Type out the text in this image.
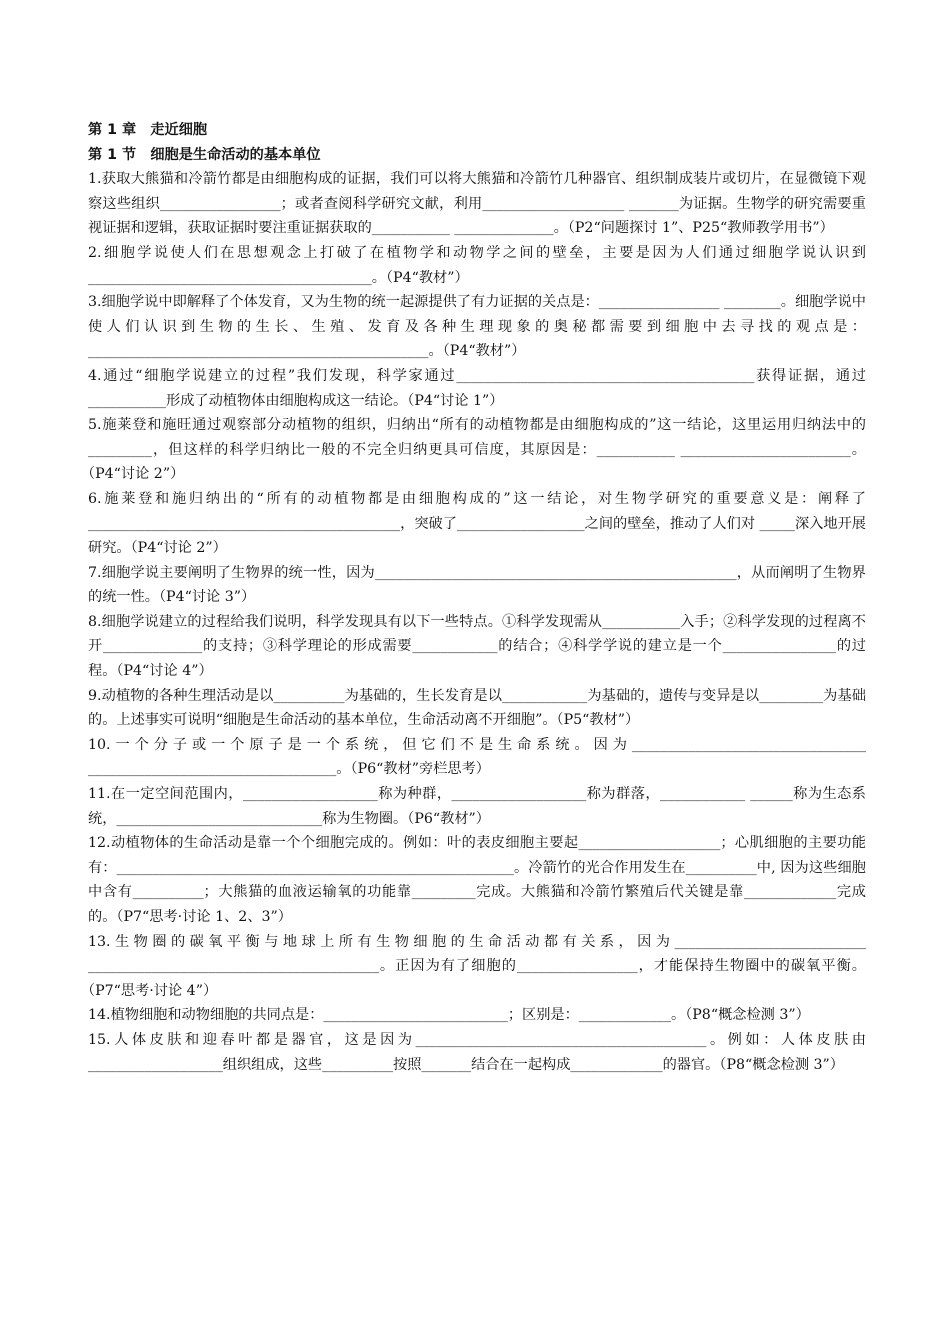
第 1 章　走近细胞
第 1 节　细胞是生命活动的基本单位

1.获取大熊猫和冷箭竹都是由细胞构成的证据，我们可以将大熊猫和冷箭竹几种器官、组织制成装片或切片，在显微镜下观察这些组织_________________；或者查阅科学研究文献，利用____________________ _______为证据。生物学的研究需要重视证据和逻辑，获取证据时要注重证据获取的___________ ______________。（P2“问题探讨 1”、P25“教师教学用书”）

2.细胞学说使人们在思想观念上打破了在植物学和动物学之间的壁垒，主要是因为人们通过细胞学说认识到________________________________________。（P4“教材”）

3.细胞学说中即解释了个体发育，又为生物的统一起源提供了有力证据的关点是：_________________ ________。细胞学说中使人们认识到生物的生长、生殖、发育及各种生理现象的奥秘都需要到细胞中去寻找的观点是：________________________________________________。（P4“教材”）

4.通过“细胞学说建立的过程”我们发现，科学家通过__________________________________________获得证据，通过___________形成了动植物体由细胞构成这一结论。（P4“讨论 1”）

5.施莱登和施旺通过观察部分动植物的组织，归纳出“所有的动植物都是由细胞构成的”这一结论，这里运用归纳法中的_________，但这样的科学归纳比一般的不完全归纳更具可信度，其原因是：___________ ________________________。（P4“讨论 2”）

6.施莱登和施归纳出的“所有的动植物都是由细胞构成的”这一结论，对生物学研究的重要意义是：阐释了____________________________________________，突破了__________________之间的壁垒，推动了人们对 _____深入地开展研究。（P4“讨论 2”）

7.细胞学说主要阐明了生物界的统一性，因为___________________________________________________，从而阐明了生物界的统一性。（P4“讨论 3”）

8.细胞学说建立的过程给我们说明，科学发现具有以下一些特点。①科学发现需从___________入手；②科学发现的过程离不开______________的支持；③科学理论的形成需要____________的结合；④科学学说的建立是一个________________的过程。（P4“讨论 4”）

9.动植物的各种生理活动是以__________为基础的，生长发育是以____________为基础的，遗传与变异是以_________为基础的。上述事实可说明“细胞是生命活动的基本单位，生命活动离不开细胞”。（P5“教材”）

10.一个分子或一个原子是一个系统，但它们不是生命系统。因为_________________________________ ___________________________________。（P6“教材”旁栏思考）

11.在一定空间范围内，___________________称为种群，___________________称为群落，____________ ______称为生态系统，_____________________________称为生物圈。（P6“教材”）

12.动植物体的生命活动是靠一个个细胞完成的。例如：叶的表皮细胞主要起____________________；心肌细胞的主要功能有：________________________________________________________。冷箭竹的光合作用发生在__________中, 因为这些细胞中含有__________；大熊猫的血液运输氧的功能靠_________完成。大熊猫和冷箭竹繁殖后代关键是靠_____________完成的。（P7“思考·讨论 1、2、3”）

13.生物圈的碳氧平衡与地球上所有生物细胞的生命活动都有关系，因为___________________________ _________________________________________。正因为有了细胞的_________________，才能保持生物圈中的碳氧平衡。（P7“思考·讨论 4”）

14.植物细胞和动物细胞的共同点是：__________________________；区别是：_____________。（P8“概念检测 3”）

15.人体皮肤和迎春叶都是器官，这是因为_________________________________________。例如：人体皮肤由___________________组织组成，这些__________按照_______结合在一起构成_____________的器官。（P8“概念检测 3”）
